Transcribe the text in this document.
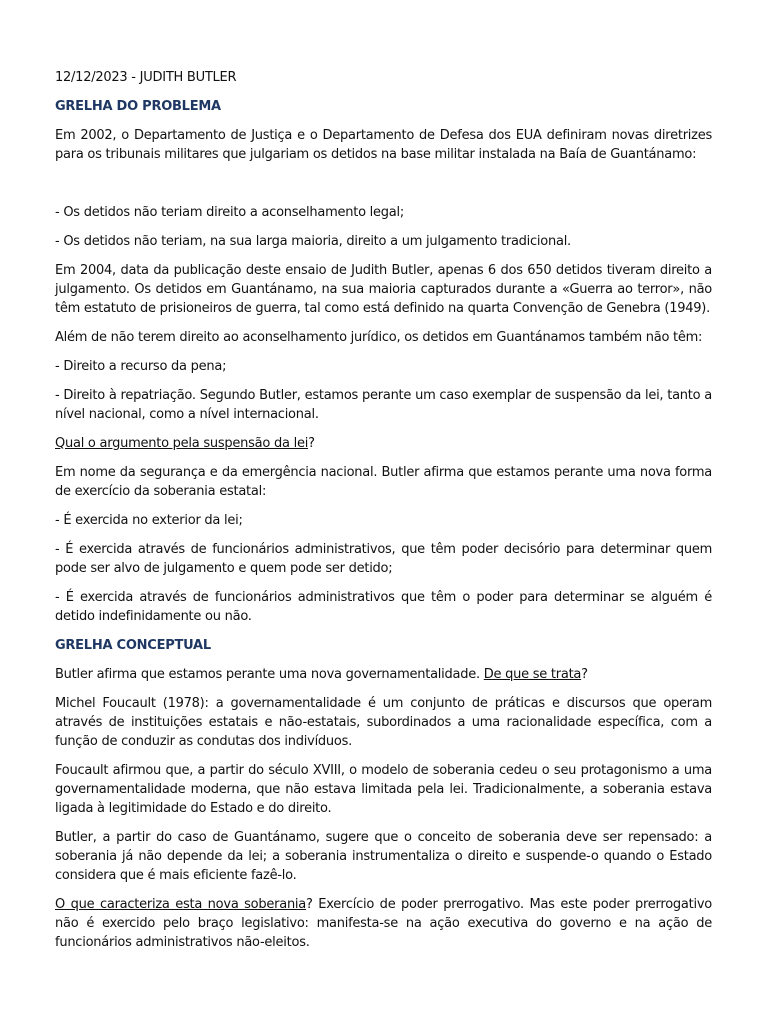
12/12/2023 - JUDITH BUTLER

GRELHA DO PROBLEMA

Em 2002, o Departamento de Justiça e o Departamento de Defesa dos EUA definiram novas diretrizes para os tribunais militares que julgariam os detidos na base militar instalada na Baía de Guantánamo:

- Os detidos não teriam direito a aconselhamento legal;

- Os detidos não teriam, na sua larga maioria, direito a um julgamento tradicional.

Em 2004, data da publicação deste ensaio de Judith Butler, apenas 6 dos 650 detidos tiveram direito a julgamento. Os detidos em Guantánamo, na sua maioria capturados durante a «Guerra ao terror», não têm estatuto de prisioneiros de guerra, tal como está definido na quarta Convenção de Genebra (1949).

Além de não terem direito ao aconselhamento jurídico, os detidos em Guantánamos também não têm:

- Direito a recurso da pena;

- Direito à repatriação. Segundo Butler, estamos perante um caso exemplar de suspensão da lei, tanto a nível nacional, como a nível internacional.

Qual o argumento pela suspensão da lei?

Em nome da segurança e da emergência nacional. Butler afirma que estamos perante uma nova forma de exercício da soberania estatal:

- É exercida no exterior da lei;

- É exercida através de funcionários administrativos, que têm poder decisório para determinar quem pode ser alvo de julgamento e quem pode ser detido;

- É exercida através de funcionários administrativos que têm o poder para determinar se alguém é detido indefinidamente ou não.

GRELHA CONCEPTUAL

Butler afirma que estamos perante uma nova governamentalidade. De que se trata?

Michel Foucault (1978): a governamentalidade é um conjunto de práticas e discursos que operam através de instituições estatais e não-estatais, subordinados a uma racionalidade específica, com a função de conduzir as condutas dos indivíduos.

Foucault afirmou que, a partir do século XVIII, o modelo de soberania cedeu o seu protagonismo a uma governamentalidade moderna, que não estava limitada pela lei. Tradicionalmente, a soberania estava ligada à legitimidade do Estado e do direito.

Butler, a partir do caso de Guantánamo, sugere que o conceito de soberania deve ser repensado: a soberania já não depende da lei; a soberania instrumentaliza o direito e suspende-o quando o Estado considera que é mais eficiente fazê-lo.

O que caracteriza esta nova soberania? Exercício de poder prerrogativo. Mas este poder prerrogativo não é exercido pelo braço legislativo: manifesta-se na ação executiva do governo e na ação de funcionários administrativos não-eleitos.
